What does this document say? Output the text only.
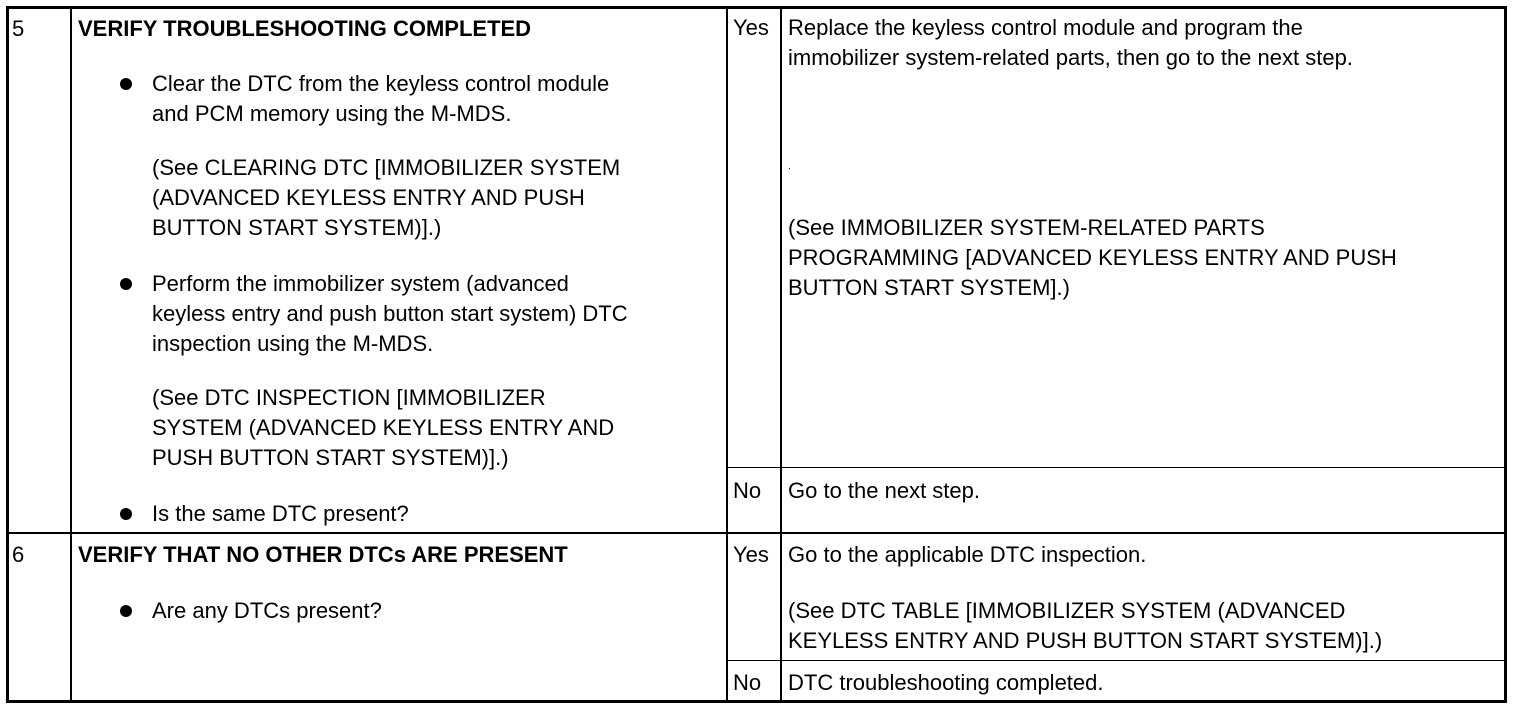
5 VERIFY TROUBLESHOOTING COMPLETED
Clear the DTC from the keyless control module
and PCM memory using the M-MDS.
(See CLEARING DTC [IMMOBILIZER SYSTEM
(ADVANCED KEYLESS ENTRY AND PUSH
BUTTON START SYSTEM)].)
Perform the immobilizer system (advanced
keyless entry and push button start system) DTC
inspection using the M-MDS.
(See DTC INSPECTION [IMMOBILIZER
SYSTEM (ADVANCED KEYLESS ENTRY AND
PUSH BUTTON START SYSTEM)].)
Is the same DTC present?
Yes Replace the keyless control module and program the
immobilizer system-related parts, then go to the next step.
.
(See IMMOBILIZER SYSTEM-RELATED PARTS
PROGRAMMING [ADVANCED KEYLESS ENTRY AND PUSH
BUTTON START SYSTEM].)
No Go to the next step.
6 VERIFY THAT NO OTHER DTCs ARE PRESENT
Are any DTCs present?
Yes Go to the applicable DTC inspection.
(See DTC TABLE [IMMOBILIZER SYSTEM (ADVANCED
KEYLESS ENTRY AND PUSH BUTTON START SYSTEM)].)
No DTC troubleshooting completed.
